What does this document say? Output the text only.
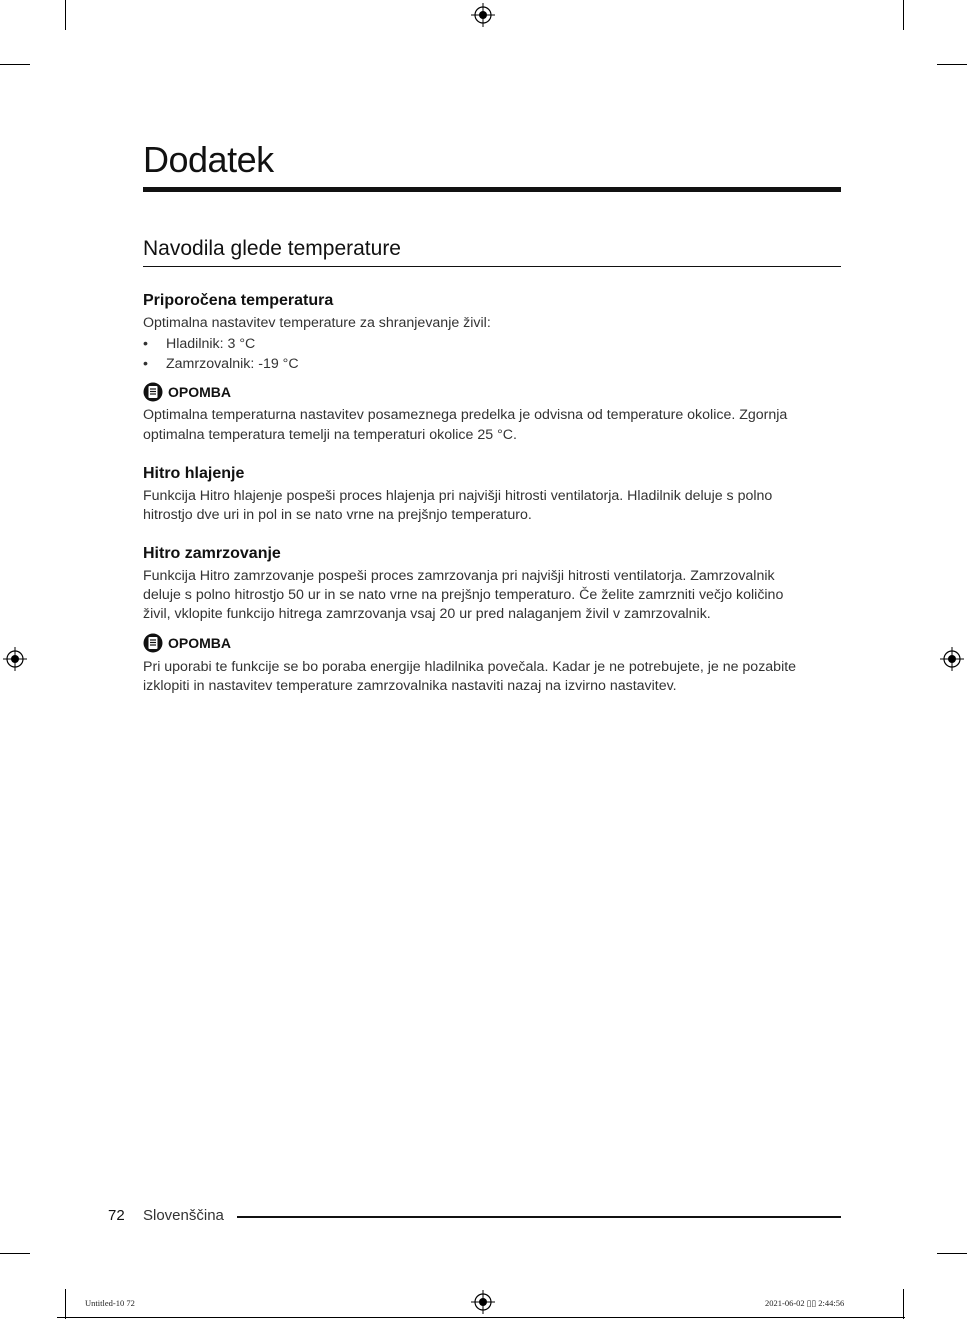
Dodatek
Navodila glede temperature
Priporočena temperatura
Optimalna nastavitev temperature za shranjevanje živil:
• Hladilnik: 3 °C
• Zamrzovalnik: -19 °C
OPOMBA
Optimalna temperaturna nastavitev posameznega predelka je odvisna od temperature okolice. Zgornja
optimalna temperatura temelji na temperaturi okolice 25 °C.
Hitro hlajenje
Funkcija Hitro hlajenje pospeši proces hlajenja pri najvišji hitrosti ventilatorja. Hladilnik deluje s polno
hitrostjo dve uri in pol in se nato vrne na prejšnjo temperaturo.
Hitro zamrzovanje
Funkcija Hitro zamrzovanje pospeši proces zamrzovanja pri najvišji hitrosti ventilatorja. Zamrzovalnik
deluje s polno hitrostjo 50 ur in se nato vrne na prejšnjo temperaturo. Če želite zamrzniti večjo količino
živil, vklopite funkcijo hitrega zamrzovanja vsaj 20 ur pred nalaganjem živil v zamrzovalnik.
OPOMBA
Pri uporabi te funkcije se bo poraba energije hladilnika povečala. Kadar je ne potrebujete, je ne pozabite
izklopiti in nastavitev temperature zamrzovalnika nastaviti nazaj na izvirno nastavitev.
72 Slovenščina
Untitled-10 72	2021-06-02 ▯▯ 2:44:56
